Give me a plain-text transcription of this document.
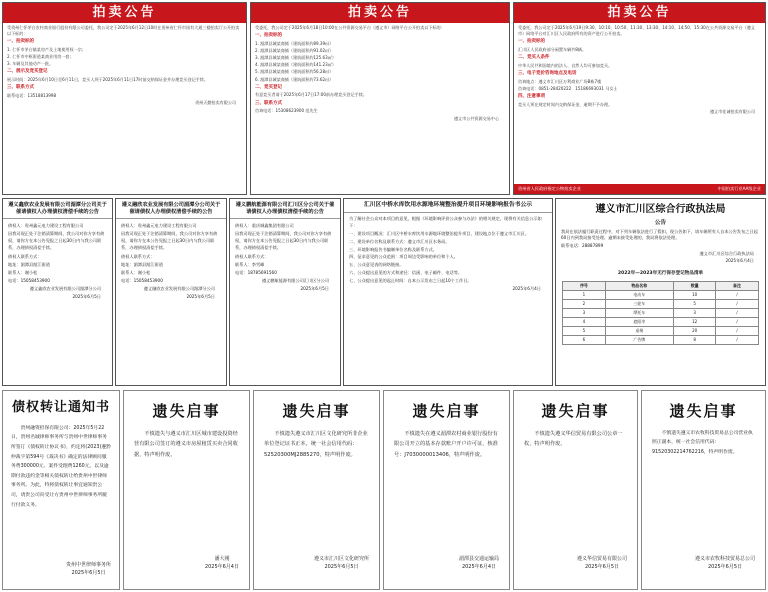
拍卖公告

受贵州仁怀茅台农村商业银行股份有限公司委托，我公司定于2025年6月12日10时在贵州省仁怀市国有大通三楼拍卖厅公开拍卖以下标的：

一、拍卖标的

1. 仁怀市茅台镇某房产及土地使用权一宗；

2. 仁怀市中枢街道某商业用房一套；

3. 车辆及其他动产一批。

二、展示及竞买登记

展示时间：2025年6月10日至6月11日，竞买人须于2025年6月11日17时前交纳保证金并办理竞买登记手续。

三、联系方式

联系电话：13518813998

贵州天勤拍卖有限公司

拍卖公告

受委托，我公司定于2025年6月18日10:00在公共资源交易平台（遵义市）网络平台公开拍卖以下标的：

一、拍卖标的

1. 湄潭县城某商铺（建筑面积约89.39㎡）

2. 湄潭县城某商铺（建筑面积约91.02㎡）

3. 湄潭县城某商铺（建筑面积约125.63㎡）

4. 湄潭县城某商铺（建筑面积约141.23㎡）

5. 湄潭县城某商铺（建筑面积约56.28㎡）

6. 湄潭县城某商铺（建筑面积约73.62㎡）

二、竞买登记

有意竞买者请于2025年6月17日17:00前办理竞买登记手续。

三、联系方式

咨询电话：15308623900 范先生

遵义市公共资源交易中心

拍卖公告

受委托，我公司定于2025年6月19日9:30、10:10、10:50、11:30、13:30、14:10、14:50、15:30在公共资源交易平台（遵义市）网络平台对汇川区人民政府所有的资产进行公开拍卖。

一、拍卖标的

汇川区人民政府部分闲置车辆共8辆。

二、竞买人条件

中华人民共和国境内的法人、自然人均可参加竞买。

三、电子竞价咨询地点及电话

咨询地点：遵义市汇川区万利商业广场B栋7楼

咨询电话：0851-28420222　15186693031 马女士

四、注意事项

竞买人须在规定时间内交纳保证金，逾期不予办理。

遵义市佳诚拍卖有限公司

贵州省人民政府指定公物拍卖企业	中国拍卖行业AA级企业
遵义鑫欣农业发展有限公司湄潭分公司关于催请债权人办理债权清偿手续的公告

债权人：贵州鑫元电力建设工程有限公司

因我司现正处于注销清算期间，我公司对你方享有债权，请你方在本公告见报之日起30日内与我公司联系，办理债权清偿手续。

债权人联系方式：

地址：湄潭县湄江街道

联系人：谢小松

电话：15058453900

遵义鑫欣农业发展有限公司湄潭分公司

2025年6月5日

遵义融欣农业发展有限公司湄潭分公司关于催请债权人办理债权清偿手续的公告

债权人：贵州鑫元电力建设工程有限公司

因我司现正处于注销清算期间，我公司对你方享有债权，请你方在本公告见报之日起30日内与我公司联系，办理债权清偿手续。

债权人联系方式：

地址：湄潭县湄江街道

联系人：谢小松

电话：15058453900

遵义融欣农业发展有限公司湄潭分公司

2025年6月5日

遵义鹏航能源有限公司汇川区分公司关于催请债权人办理债权清偿手续的公告

债权人：重庆城鑫集团有限公司

因我司现正处于注销清算期间，我公司对你方享有债权，请你方在本公告见报之日起30日内与我公司联系，办理债权清偿手续。

债权人联系方式：

联系人：李雪峰

电话：18785691560

遵义鹏航能源有限公司汇川区分公司

2025年6月5日

汇川区中桥水库饮用水源地环境整治提升项目环境影响报告书公示

为了解社会公众对本项目的意见，根据《环境影响评价公众参与办法》的相关规定，现将有关信息公示如下：

一、建设项目概况：汇川区中桥水库饮用水源地环境整治提升项目，建设地点位于遵义市汇川区。

二、建设单位名称及联系方式：遵义市汇川区水务局。

三、环境影响报告书编制单位名称及联系方式。

四、征求意见的公众范围：项目周边受影响的单位和个人。

五、公众意见表的网络链接。

六、公众提出意见的方式和途径：信函、电子邮件、电话等。

七、公众提出意见的起止时间：自本公示发布之日起10个工作日。

2025年6月4日

遵义市汇川区综合行政执法局
公告

我局在依法履行职责过程中，对下列车辆依法进行了暂扣，现公告如下，请车辆所有人自本公告发布之日起60日内到我局接受处理。逾期未接受处理的，我局将依法处理。

联系电话：28887899

遵义市汇川区综合行政执法局

2025年6月4日

2022年—2023年无行保存登记物品清单
序号	物品名称	数量	备注
1	电动车	10	/
2	三轮车	5	/
3	摩托车	3	/
4	遮阳伞	12	/
5	桌椅	20	/
6	广告牌	8	/
债权转让通知书

贵州融资担保有限公司：2025年5月22日，贵州名城律师事务所与贵州中世律师事务所签订《债权转让协议书》，约定将(2023)遵黔仲裁字第594号《裁决书》确定的法律顾问服务费300000元、案件受理费1260元，以及逾期付款违约金等相关债权转让给贵州中世律师事务所。为此，特将债权转让事宜通知贵公司，请贵公司向受让方贵州中世律师事务所履行付款义务。

贵州中世律师事务所
2025年6月5日
遗失启事

不慎遗失与遵义市汇川区城市建设投资经营有限公司签订的遵义市房屋租赁买卖合同收据，特声明作废。

潘大刚
2025年6月4日
遗失启事

不慎遗失遵义市汇川区文化研究所非企业单位登记证书正本，统一社会信用代码：52520300MJ2885270，特声明作废。

遵义市汇川区文化研究所
2025年6月5日
遗失启事

不慎遗失在遵义湄潭农村商业银行股份有限公司开立的基本存款账户开户许可证，核准号：J7030000013406，特声明作废。

湄潭县交通运输局
2025年6月4日
遗失启事

不慎遗失遵义华信贸易有限公司公章一枚，特声明作废。

遵义华信贸易有限公司
2025年6月5日
遗失启事

不慎遗失遵义市农牧科技贸易总公司营业执照正副本，统一社会信用代码：91520302214762216，特声明作废。

遵义市农牧科技贸易总公司
2025年6月5日
